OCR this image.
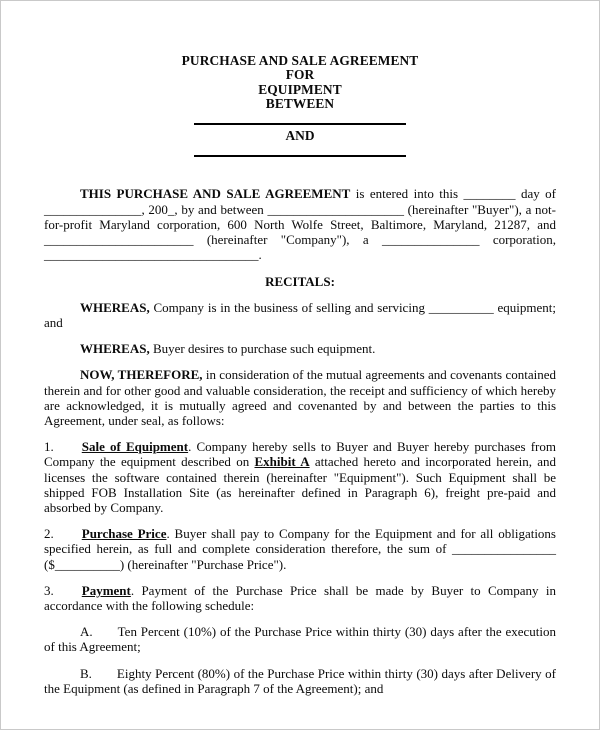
PURCHASE AND SALE AGREEMENT
FOR
EQUIPMENT
BETWEEN
AND

THIS PURCHASE AND SALE AGREEMENT is entered into this ________ day of _______________, 200_, by and between _____________________ (hereinafter "Buyer"), a not-for-profit Maryland corporation, 600 North Wolfe Street, Baltimore, Maryland, 21287, and _______________________ (hereinafter "Company"), a _______________ corporation, _________________________________.

RECITALS:

WHEREAS, Company is in the business of selling and servicing __________ equipment; and

WHEREAS, Buyer desires to purchase such equipment.

NOW, THEREFORE, in consideration of the mutual agreements and covenants contained therein and for other good and valuable consideration, the receipt and sufficiency of which hereby are acknowledged, it is mutually agreed and covenanted by and between the parties to this Agreement, under seal, as follows:

1. Sale of Equipment. Company hereby sells to Buyer and Buyer hereby purchases from Company the equipment described on Exhibit A attached hereto and incorporated herein, and licenses the software contained therein (hereinafter "Equipment"). Such Equipment shall be shipped FOB Installation Site (as hereinafter defined in Paragraph 6), freight pre-paid and absorbed by Company.

2. Purchase Price. Buyer shall pay to Company for the Equipment and for all obligations specified herein, as full and complete consideration therefore, the sum of ________________ ($__________) (hereinafter "Purchase Price").

3. Payment. Payment of the Purchase Price shall be made by Buyer to Company in accordance with the following schedule:

A. Ten Percent (10%) of the Purchase Price within thirty (30) days after the execution of this Agreement;

B. Eighty Percent (80%) of the Purchase Price within thirty (30) days after Delivery of the Equipment (as defined in Paragraph 7 of the Agreement); and
